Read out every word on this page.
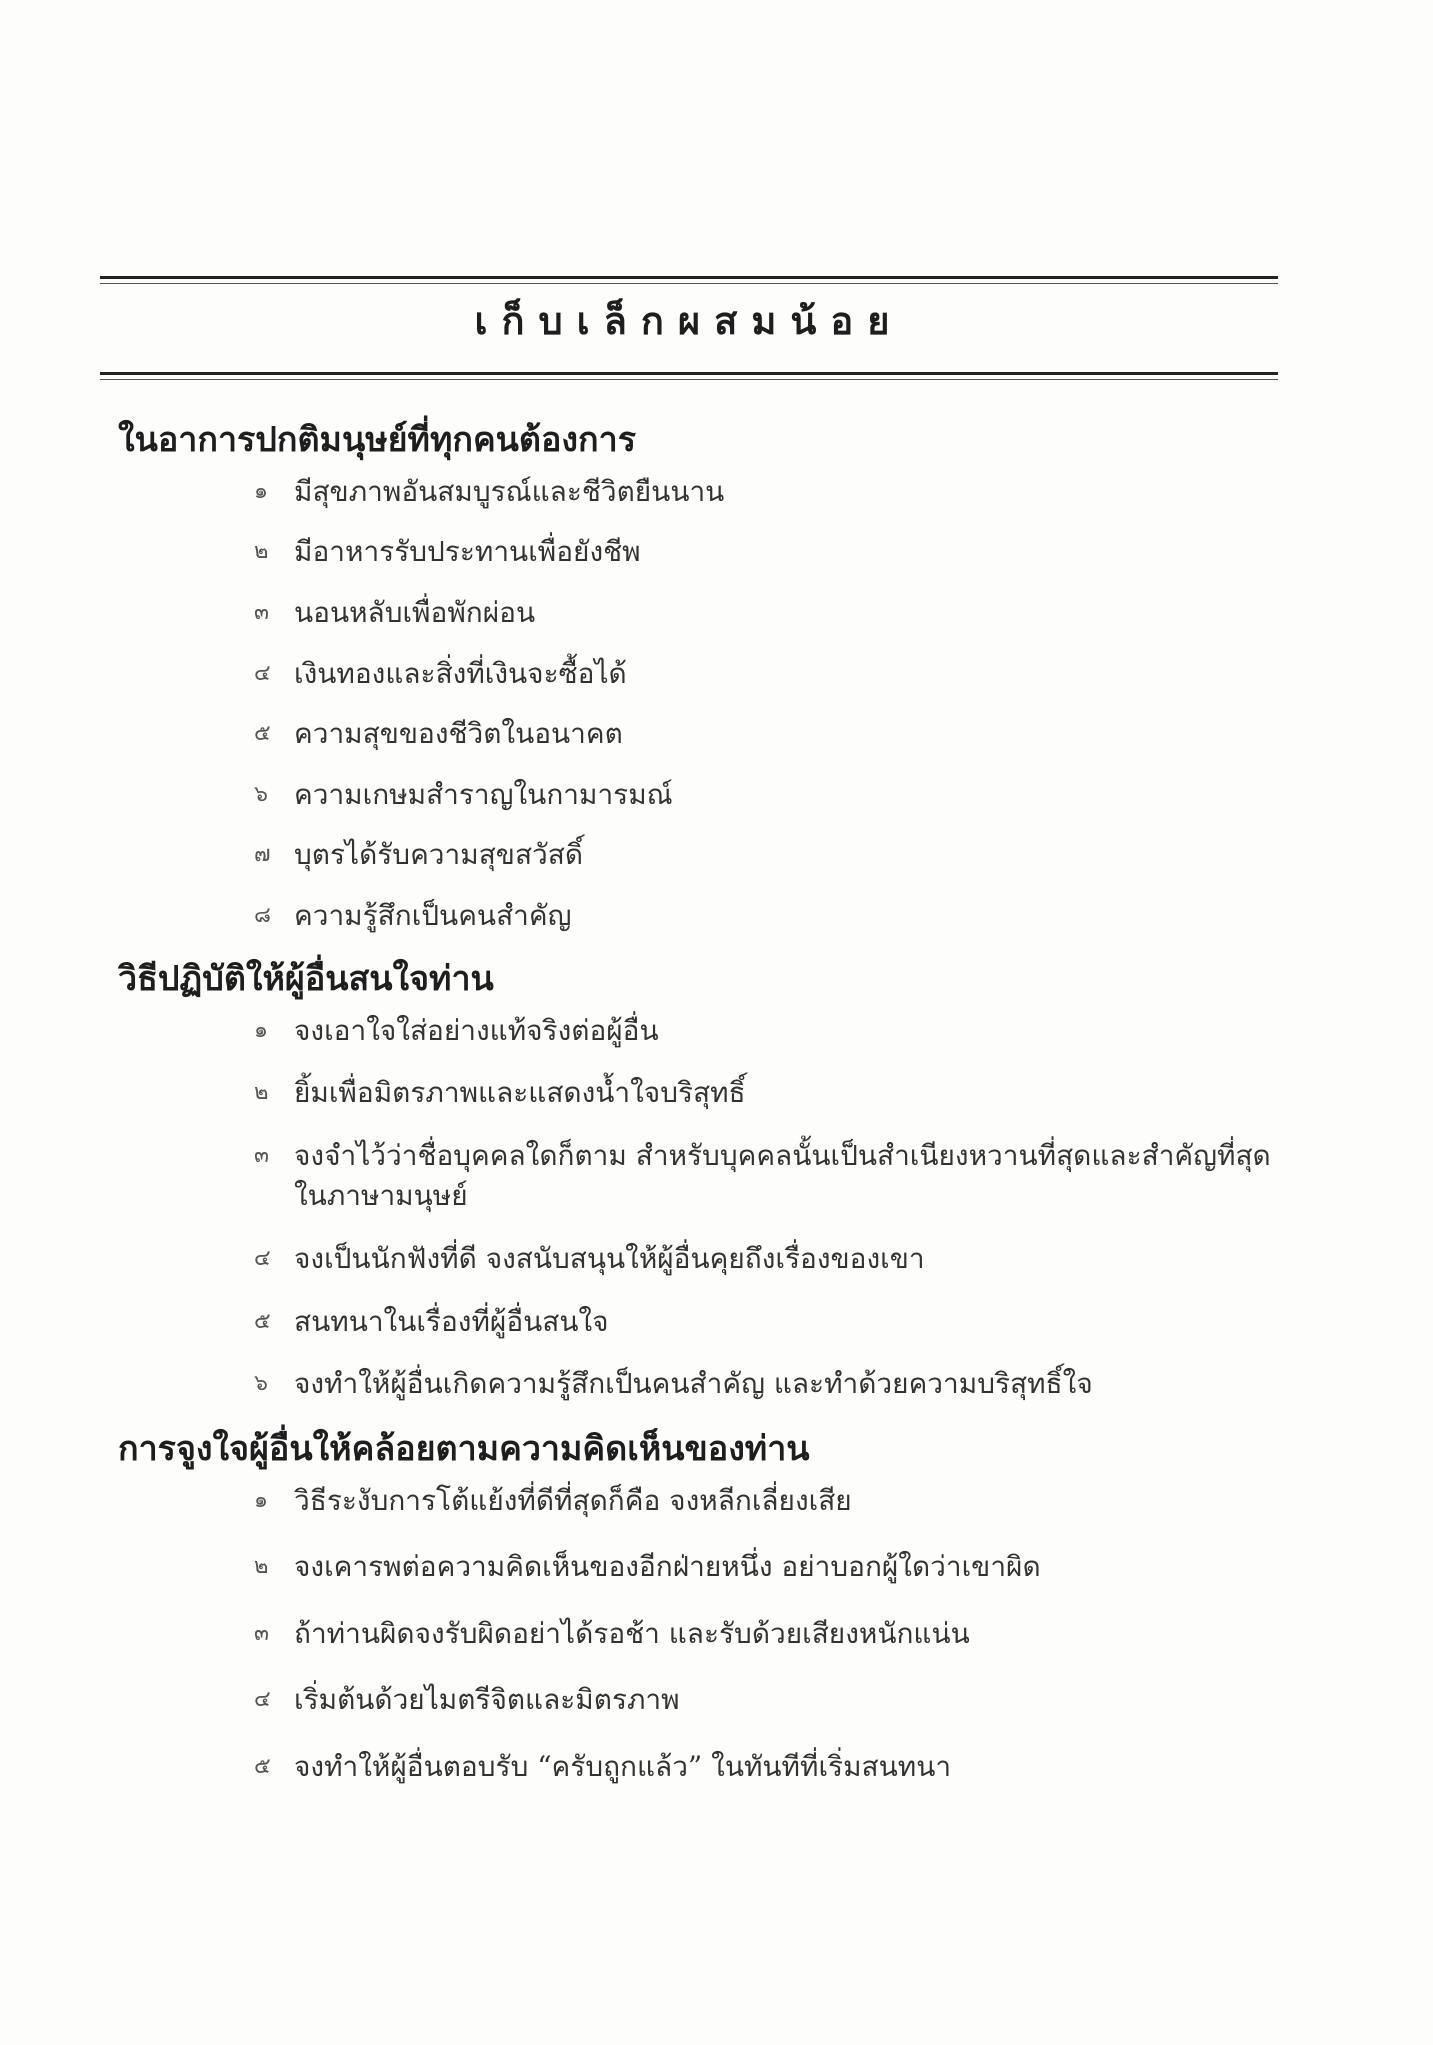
เก็บเล็กผสมน้อย
ในอาการปกติมนุษย์ที่ทุกคนต้องการ
๑ มีสุขภาพอันสมบูรณ์และชีวิตยืนนาน
๒ มีอาหารรับประทานเพื่อยังชีพ
๓ นอนหลับเพื่อพักผ่อน
๔ เงินทองและสิ่งที่เงินจะซื้อได้
๕ ความสุขของชีวิตในอนาคต
๖ ความเกษมสำราญในกามารมณ์
๗ บุตรได้รับความสุขสวัสดิ์
๘ ความรู้สึกเป็นคนสำคัญ
วิธีปฏิบัติให้ผู้อื่นสนใจท่าน
๑ จงเอาใจใส่อย่างแท้จริงต่อผู้อื่น
๒ ยิ้มเพื่อมิตรภาพและแสดงน้ำใจบริสุทธิ์
๓ จงจำไว้ว่าชื่อบุคคลใดก็ตาม สำหรับบุคคลนั้นเป็นสำเนียงหวานที่สุดและสำคัญที่สุดในภาษามนุษย์
๔ จงเป็นนักฟังที่ดี จงสนับสนุนให้ผู้อื่นคุยถึงเรื่องของเขา
๕ สนทนาในเรื่องที่ผู้อื่นสนใจ
๖ จงทำให้ผู้อื่นเกิดความรู้สึกเป็นคนสำคัญ และทำด้วยความบริสุทธิ์ใจ
การจูงใจผู้อื่นให้คล้อยตามความคิดเห็นของท่าน
๑ วิธีระงับการโต้แย้งที่ดีที่สุดก็คือ จงหลีกเลี่ยงเสีย
๒ จงเคารพต่อความคิดเห็นของอีกฝ่ายหนึ่ง อย่าบอกผู้ใดว่าเขาผิด
๓ ถ้าท่านผิดจงรับผิดอย่าได้รอช้า และรับด้วยเสียงหนักแน่น
๔ เริ่มต้นด้วยไมตรีจิตและมิตรภาพ
๕ จงทำให้ผู้อื่นตอบรับ “ครับถูกแล้ว” ในทันทีที่เริ่มสนทนา
